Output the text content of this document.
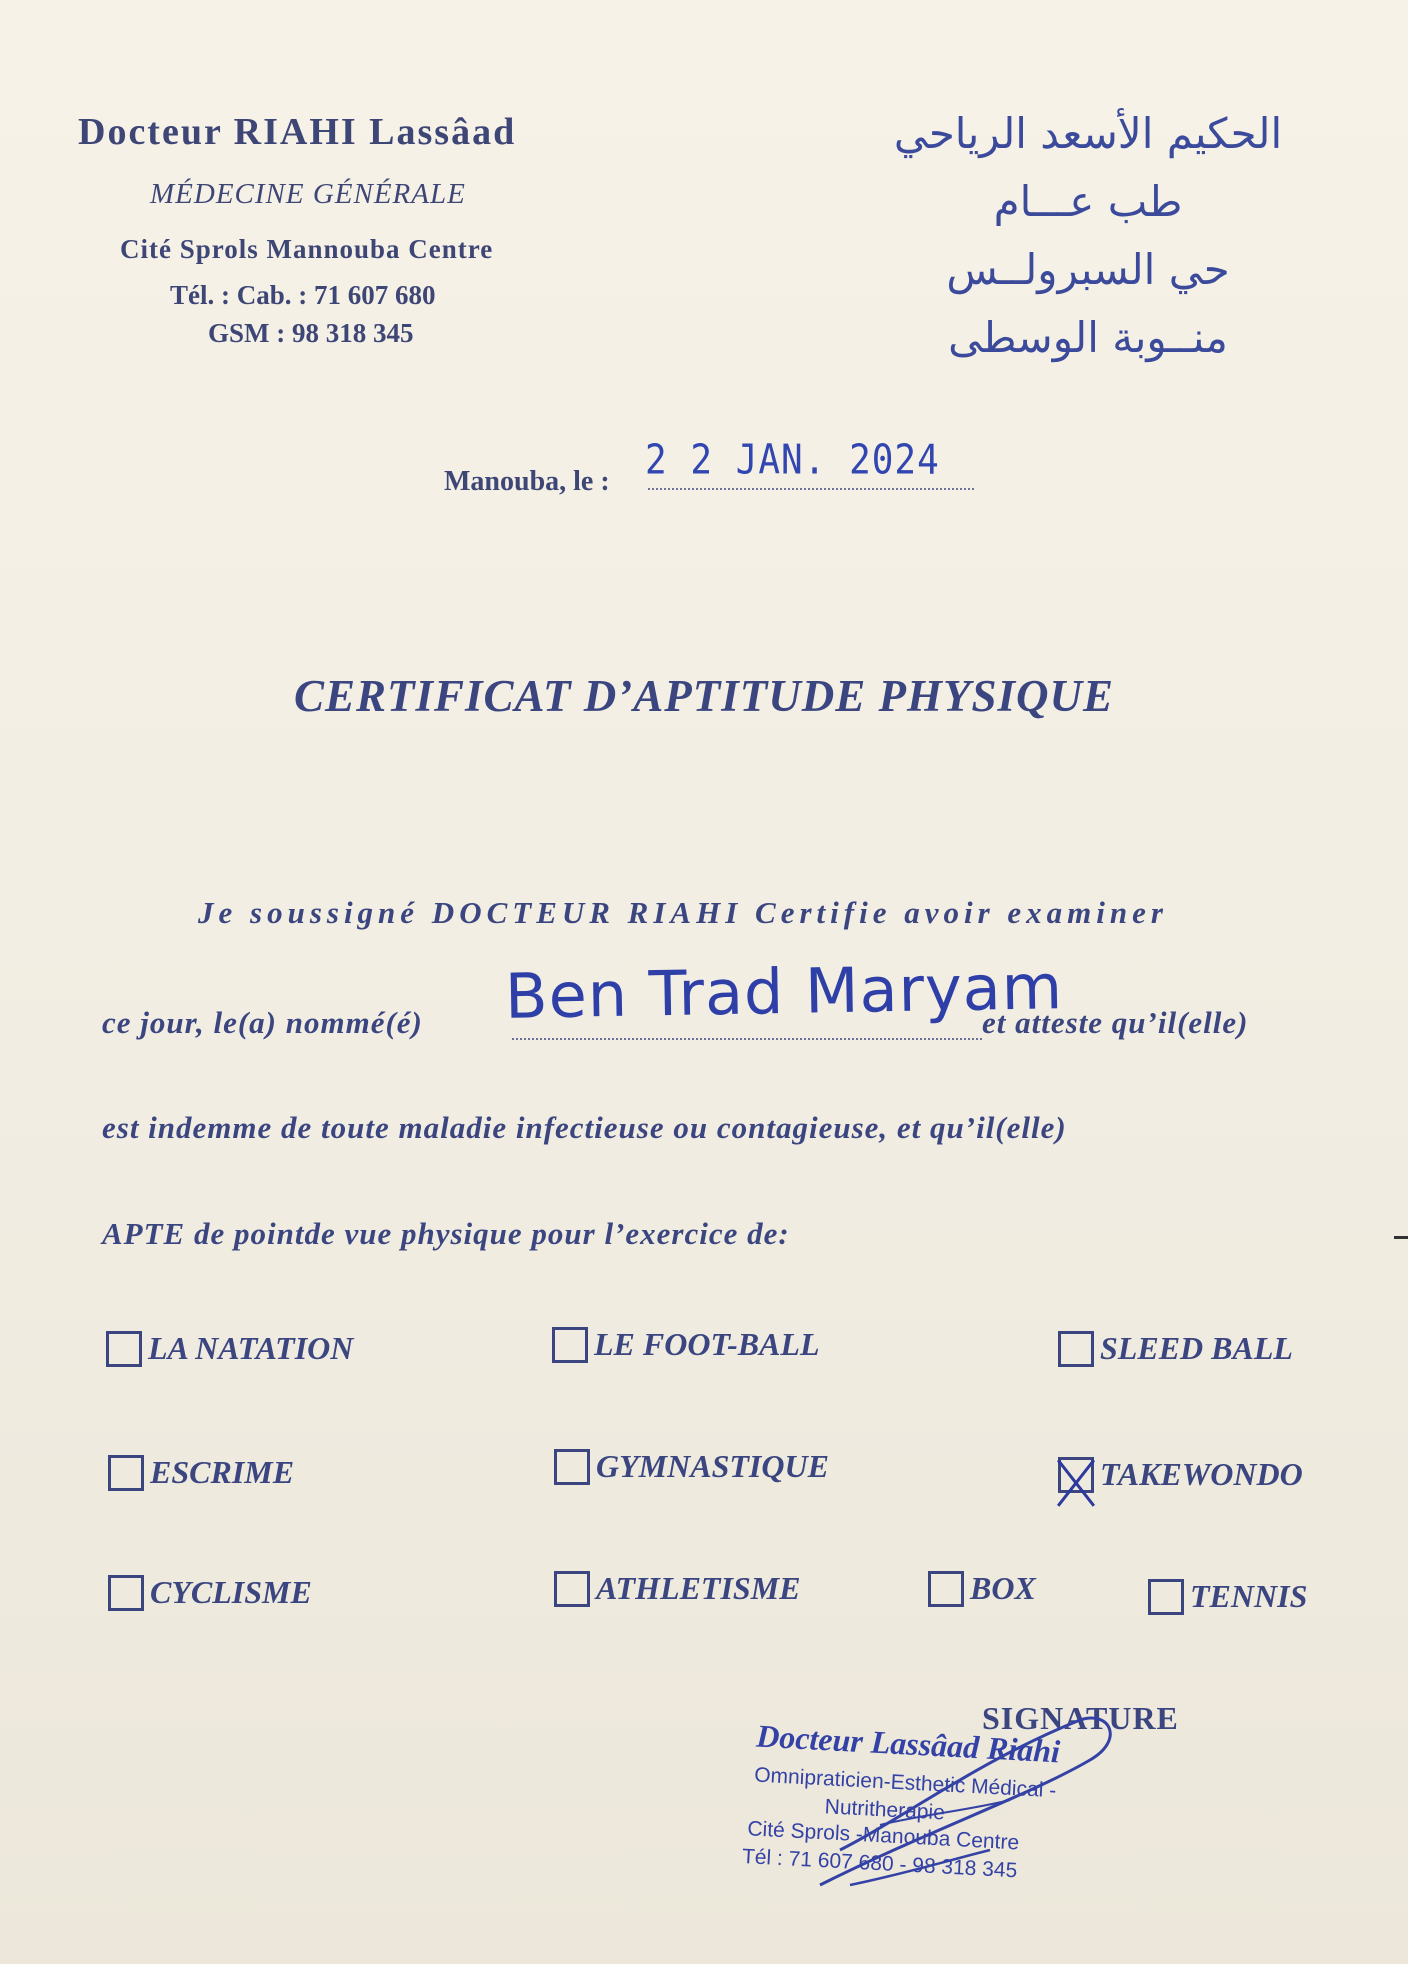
Docteur RIAHI Lassâad
MÉDECINE GÉNÉRALE
Cité Sprols Mannouba Centre
Tél. : Cab. : 71 607 680
GSM : 98 318 345
الحكيم الأسعد الرياحي
طب عـــام
حي السبرولــس
منــوبة الوسطى
Manouba, le : 2 2 JAN. 2024
CERTIFICAT D’APTITUDE PHYSIQUE
Je soussigné DOCTEUR RIAHI Certifie avoir examiner
ce jour, le(a) nommé(é) Ben Trad Maryam
et atteste qu’il(elle)
est indemme de toute maladie infectieuse ou contagieuse, et qu’il(elle)
APTE de pointde vue physique pour l’exercice de:
LA NATATION	LE FOOT-BALL	SLEED BALL
ESCRIME	GYMNASTIQUE	TAKEWONDO
CYCLISME	ATHLETISME	BOX	TENNIS
SIGNATURE
Docteur Lassâad Riahi
Omnipraticien-Esthetic Médical -
Nutritherapie
Cité Sprols -Manouba Centre
Tél : 71 607 680 - 98 318 345
